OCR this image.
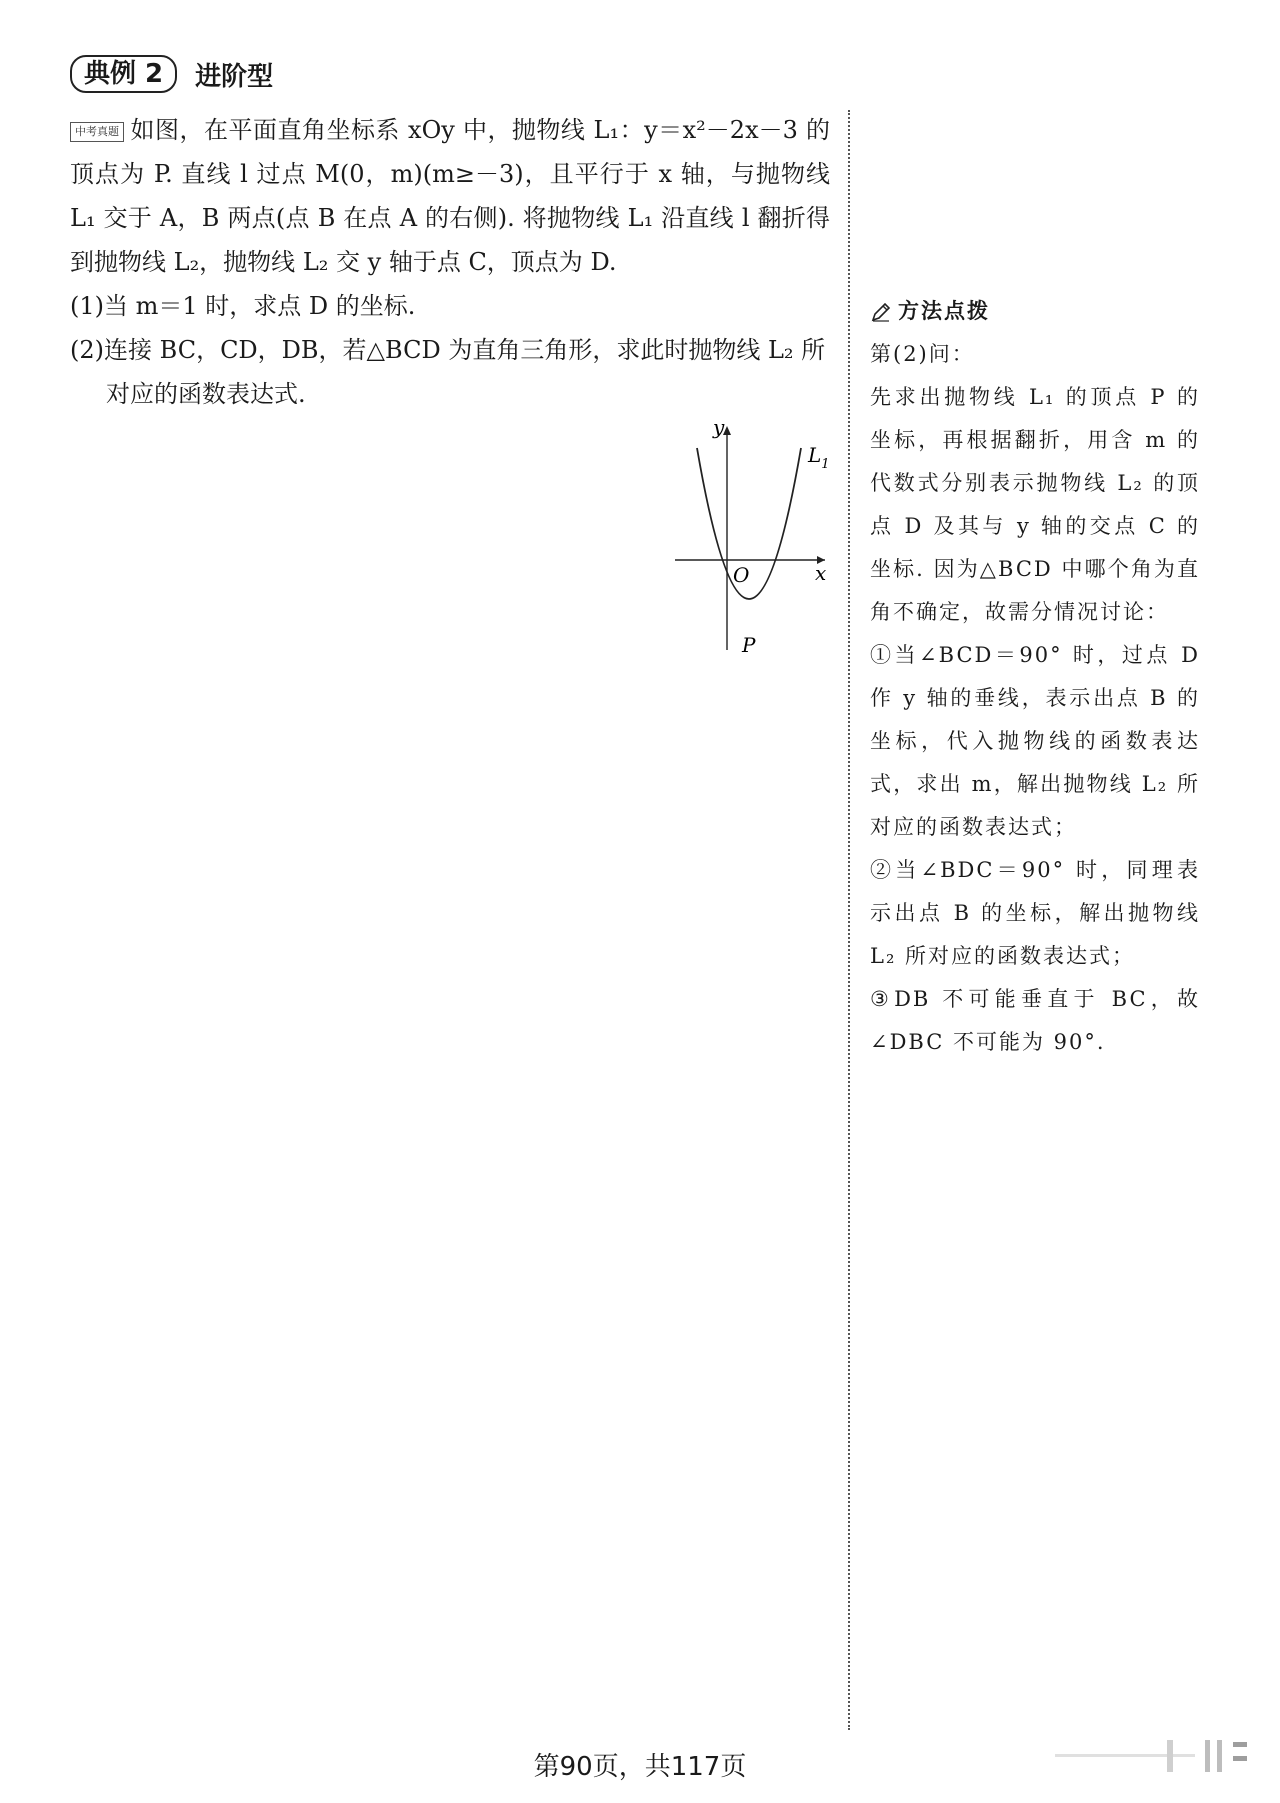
典例 2	进阶型

中考真题 如图，在平面直角坐标系 xOy 中，抛物线 L₁：y＝x²－2x－3 的顶点为 P. 直线 l 过点 M(0，m)(m≥－3)，且平行于 x 轴，与抛物线 L₁ 交于 A，B 两点(点 B 在点 A 的右侧). 将抛物线 L₁ 沿直线 l 翻折得到抛物线 L₂，抛物线 L₂ 交 y 轴于点 C，顶点为 D.

(1)当 m＝1 时，求点 D 的坐标.

(2)连接 BC，CD，DB，若△BCD 为直角三角形，求此时抛物线 L₂ 所对应的函数表达式.

y
x
O
P
$L_1$
方法点拨

第(2)问：

先求出抛物线 L₁ 的顶点 P 的坐标，再根据翻折，用含 m 的代数式分别表示抛物线 L₂ 的顶点 D 及其与 y 轴的交点 C 的坐标. 因为△BCD 中哪个角为直角不确定，故需分情况讨论：

①当∠BCD＝90° 时，过点 D 作 y 轴的垂线，表示出点 B 的坐标，代入抛物线的函数表达式，求出 m，解出抛物线 L₂ 所对应的函数表达式；

②当∠BDC＝90° 时，同理表示出点 B 的坐标，解出抛物线 L₂ 所对应的函数表达式；

③DB 不可能垂直于 BC，故∠DBC 不可能为 90°.

第90页，共117页
